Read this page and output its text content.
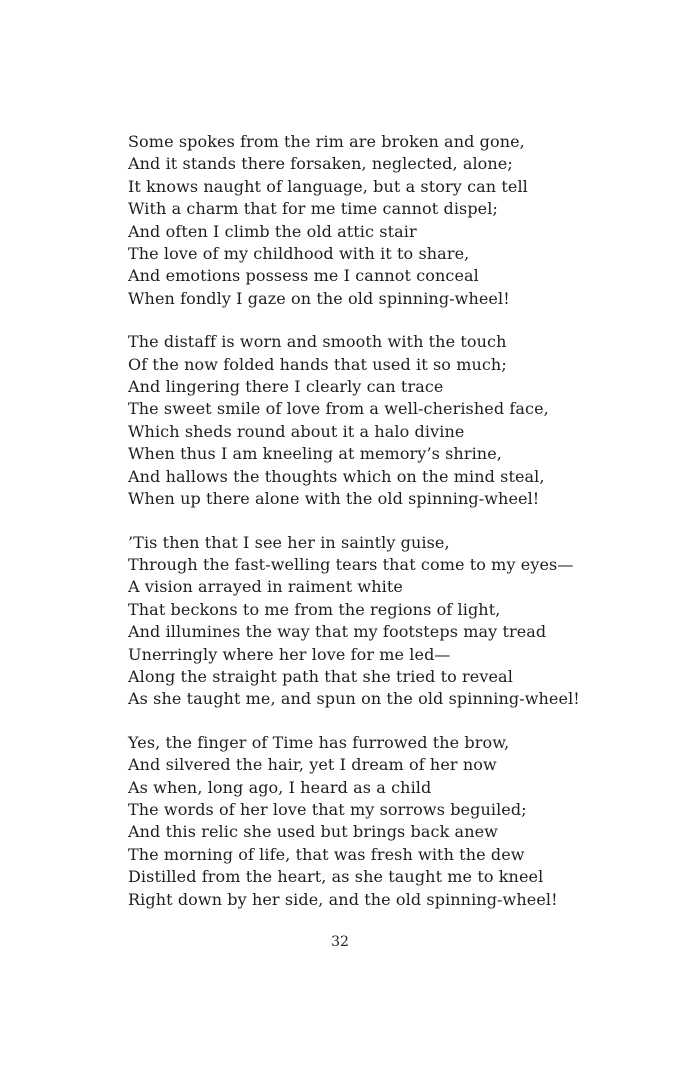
Some spokes from the rim are broken and gone,
And it stands there forsaken, neglected, alone;
It knows naught of language, but a story can tell
With a charm that for me time cannot dispel;
And often I climb the old attic stair
The love of my childhood with it to share,
And emotions possess me I cannot conceal
When fondly I gaze on the old spinning-wheel!
The distaff is worn and smooth with the touch
Of the now folded hands that used it so much;
And lingering there I clearly can trace
The sweet smile of love from a well-cherished face,
Which sheds round about it a halo divine
When thus I am kneeling at memory’s shrine,
And hallows the thoughts which on the mind steal,
When up there alone with the old spinning-wheel!
’Tis then that I see her in saintly guise,
Through the fast-welling tears that come to my eyes—
A vision arrayed in raiment white
That beckons to me from the regions of light,
And illumines the way that my footsteps may tread
Unerringly where her love for me led—
Along the straight path that she tried to reveal
As she taught me, and spun on the old spinning-wheel!
Yes, the finger of Time has furrowed the brow,
And silvered the hair, yet I dream of her now
As when, long ago, I heard as a child
The words of her love that my sorrows beguiled;
And this relic she used but brings back anew
The morning of life, that was fresh with the dew
Distilled from the heart, as she taught me to kneel
Right down by her side, and the old spinning-wheel!
32
